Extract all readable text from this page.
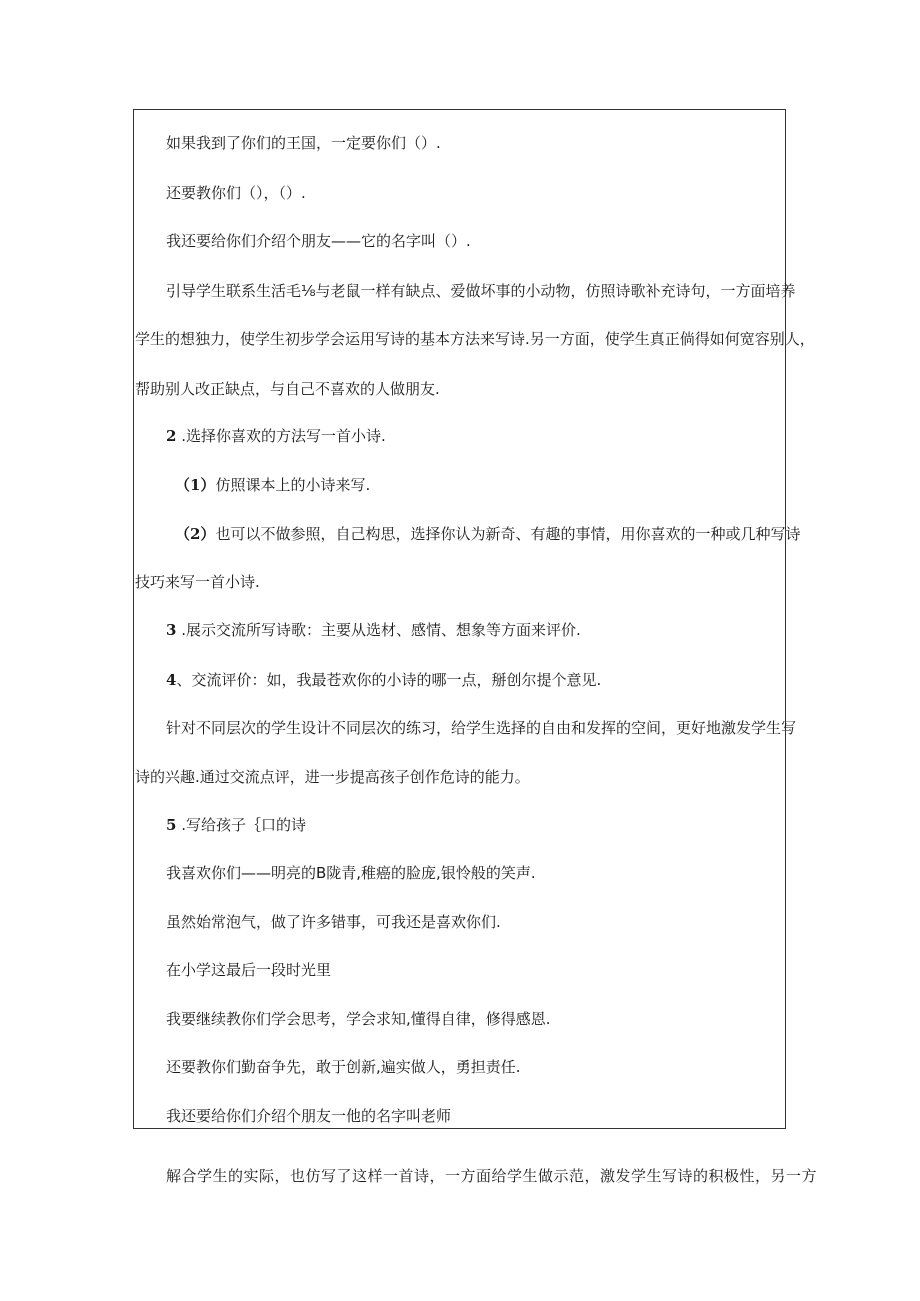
如果我到了你们的王国，一定要你们（）.
还要教你们（），（）.
我还要给你们介绍个朋友——它的名字叫（）.
引导学生联系生活毛⅛与老鼠一样有缺点、爱做坏事的小动物，仿照诗歌补充诗句，一方面培养
学生的想独力，使学生初步学会运用写诗的基本方法来写诗.另一方面，使学生真正倘得如何宽容别人，
帮助别人改正缺点，与自己不喜欢的人做朋友.
2 .选择你喜欢的方法写一首小诗.
（1）仿照课本上的小诗来写.
（2）也可以不做参照，自己构思，选择你认为新奇、有趣的事情，用你喜欢的一种或几种写诗
技巧来写一首小诗.
3 .展示交流所写诗歌：主要从选材、感情、想象等方面来评价.
4、交流评价：如，我最苍欢你的小诗的哪一点，掰创尔提个意见.
针对不同层次的学生设计不同层次的练习，给学生选择的自由和发挥的空间，更好地激发学生写
诗的兴趣.通过交流点评，进一步提高孩子创作危诗的能力。
5 .写给孩子｛口的诗
我喜欢你们——明亮的B陇青,稚癌的脸庞,银怜般的笑声.
虽然始常泡气，做了许多错事，可我还是喜欢你们.
在小学这最后一段时光里
我要继续教你们学会思考，学会求知,懂得自律，修得感恩.
还要教你们勤奋争先，敢于创新,遍实做人，勇担责任.
我还要给你们介绍个朋友一他的名字叫老师
解合学生的实际，也仿写了这样一首诗，一方面给学生做示范，激发学生写诗的积极性，另一方
